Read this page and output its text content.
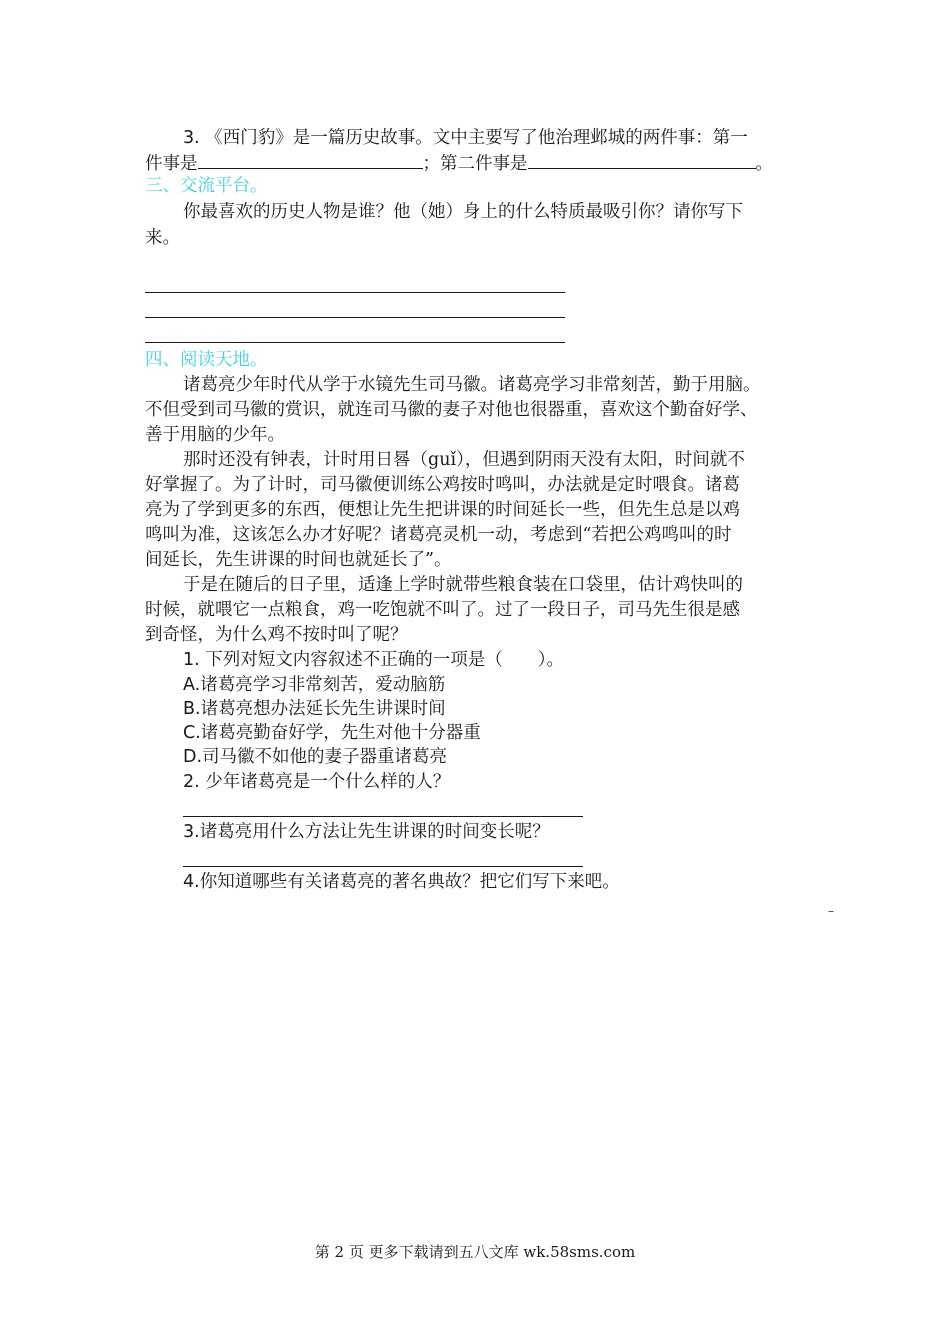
3. 《西门豹》是一篇历史故事。文中主要写了他治理邺城的两件事：第一
件事是	；第二件事是	。
三、交流平台。
你最喜欢的历史人物是谁？他（她）身上的什么特质最吸引你？请你写下
来。
四、阅读天地。
诸葛亮少年时代从学于水镜先生司马徽。诸葛亮学习非常刻苦，勤于用脑。
不但受到司马徽的赏识，就连司马徽的妻子对他也很器重，喜欢这个勤奋好学、
善于用脑的少年。
那时还没有钟表，计时用日晷（guǐ），但遇到阴雨天没有太阳，时间就不
好掌握了。为了计时，司马徽便训练公鸡按时鸣叫，办法就是定时喂食。诸葛
亮为了学到更多的东西，便想让先生把讲课的时间延长一些，但先生总是以鸡
鸣叫为准，这该怎么办才好呢？诸葛亮灵机一动，考虑到“若把公鸡鸣叫的时
间延长，先生讲课的时间也就延长了”。
于是在随后的日子里，适逢上学时就带些粮食装在口袋里，估计鸡快叫的
时候，就喂它一点粮食，鸡一吃饱就不叫了。过了一段日子，司马先生很是感
到奇怪，为什么鸡不按时叫了呢？
1. 下列对短文内容叙述不正确的一项是（　　）。
A.诸葛亮学习非常刻苦，爱动脑筋
B.诸葛亮想办法延长先生讲课时间
C.诸葛亮勤奋好学，先生对他十分器重
D.司马徽不如他的妻子器重诸葛亮
2. 少年诸葛亮是一个什么样的人？
3.诸葛亮用什么方法让先生讲课的时间变长呢？
4.你知道哪些有关诸葛亮的著名典故？把它们写下来吧。
–
第 2 页 更多下载请到五八文库 wk.58sms.com
